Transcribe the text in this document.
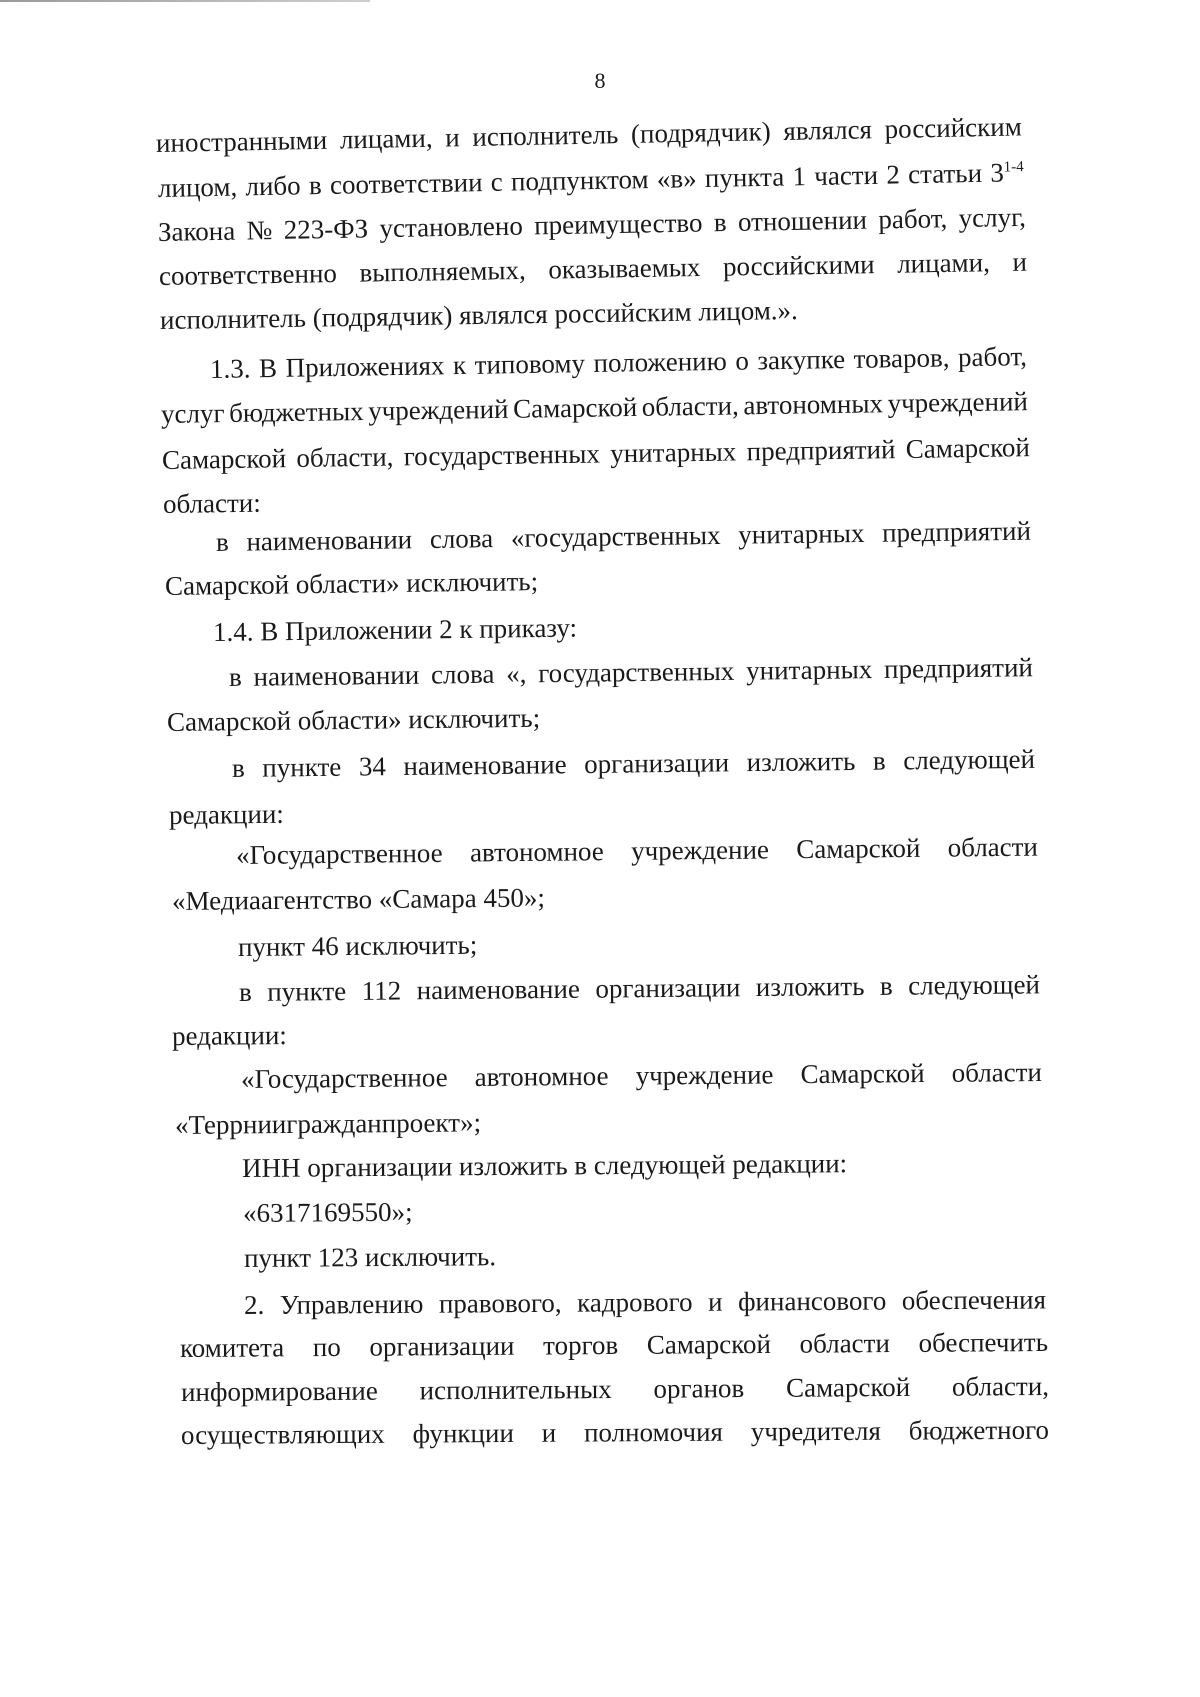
8
иностранными лицами, и исполнитель (подрядчик) являлся российским
лицом, либо в соответствии с подпунктом «в» пункта 1 части 2 статьи 3$^{1-4}$
Закона № 223-ФЗ установлено преимущество в отношении работ, услуг,
соответственно выполняемых, оказываемых российскими лицами, и
исполнитель (подрядчик) являлся российским лицом.».
1.3. В Приложениях к типовому положению о закупке товаров, работ,
услуг бюджетных учреждений Самарской области, автономных учреждений
Самарской области, государственных унитарных предприятий Самарской
области:
в наименовании слова «государственных унитарных предприятий
Самарской области» исключить;
1.4. В Приложении 2 к приказу:
в наименовании слова «, государственных унитарных предприятий
Самарской области» исключить;
в пункте 34 наименование организации изложить в следующей
редакции:
«Государственное автономное учреждение Самарской области
«Медиаагентство «Самара 450»;
пункт 46 исключить;
в пункте 112 наименование организации изложить в следующей
редакции:
«Государственное автономное учреждение Самарской области
«Террниигражданпроект»;
ИНН организации изложить в следующей редакции:
«6317169550»;
пункт 123 исключить.
2. Управлению правового, кадрового и финансового обеспечения
комитета по организации торгов Самарской области обеспечить
информирование исполнительных органов Самарской области,
осуществляющих функции и полномочия учредителя бюджетного
